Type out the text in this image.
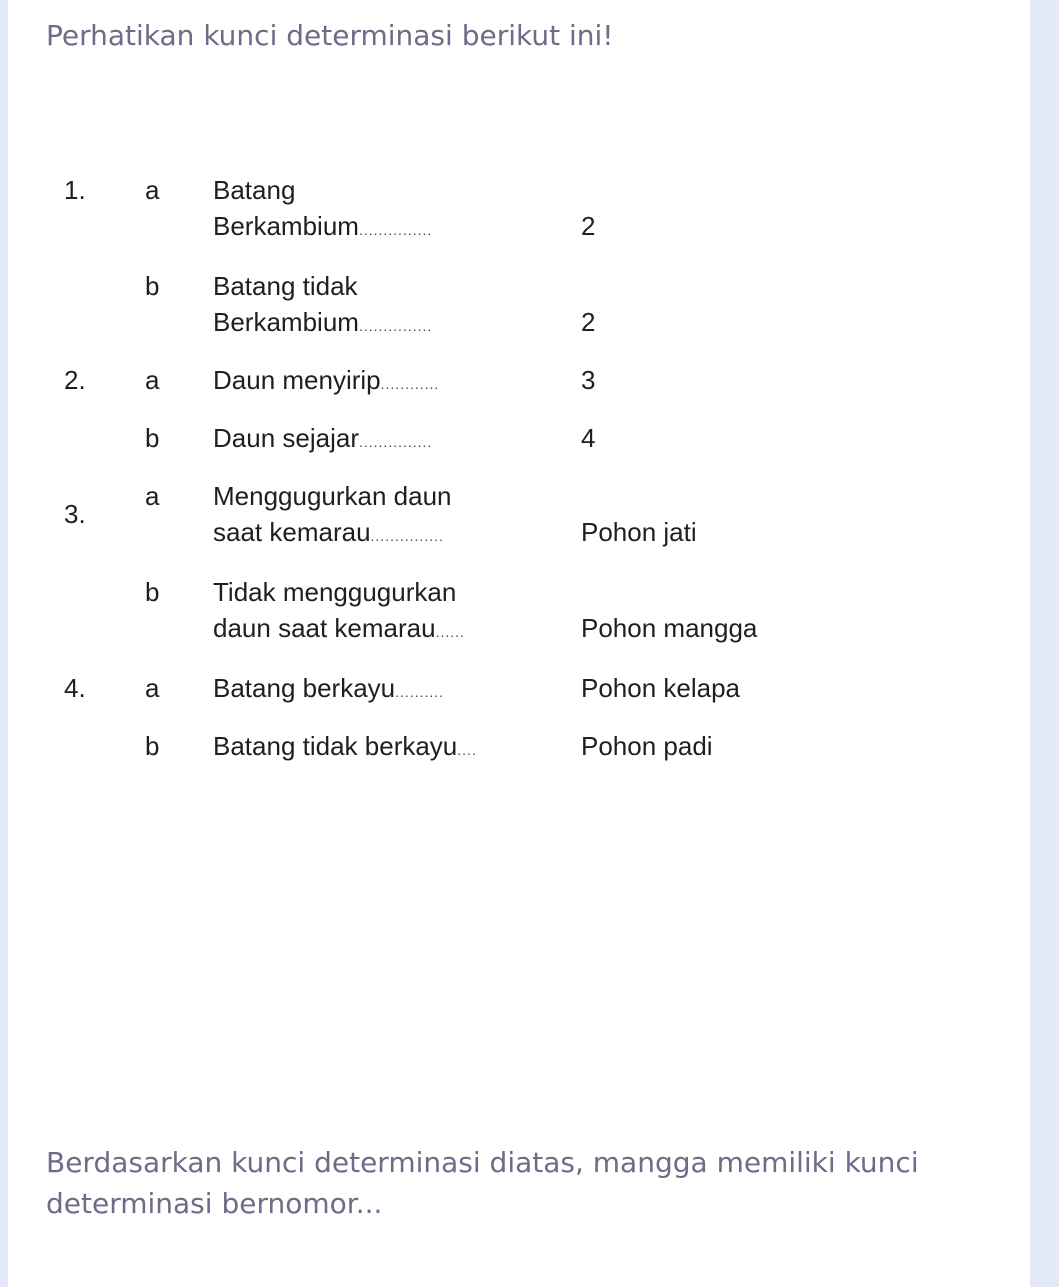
Perhatikan kunci determinasi berikut ini!
1. a Batang
Berkambium...............	2
b Batang tidak
Berkambium...............	2
2. a Daun menyirip............	3
b Daun sejajar...............	4
3.
a Menggugurkan daun
saat kemarau...............	Pohon jati
b Tidak menggugurkan
daun saat kemarau......	Pohon mangga
4. a Batang berkayu..........	Pohon kelapa
b Batang tidak berkayu....	Pohon padi
Berdasarkan kunci determinasi diatas, mangga memiliki kunci determinasi bernomor...
